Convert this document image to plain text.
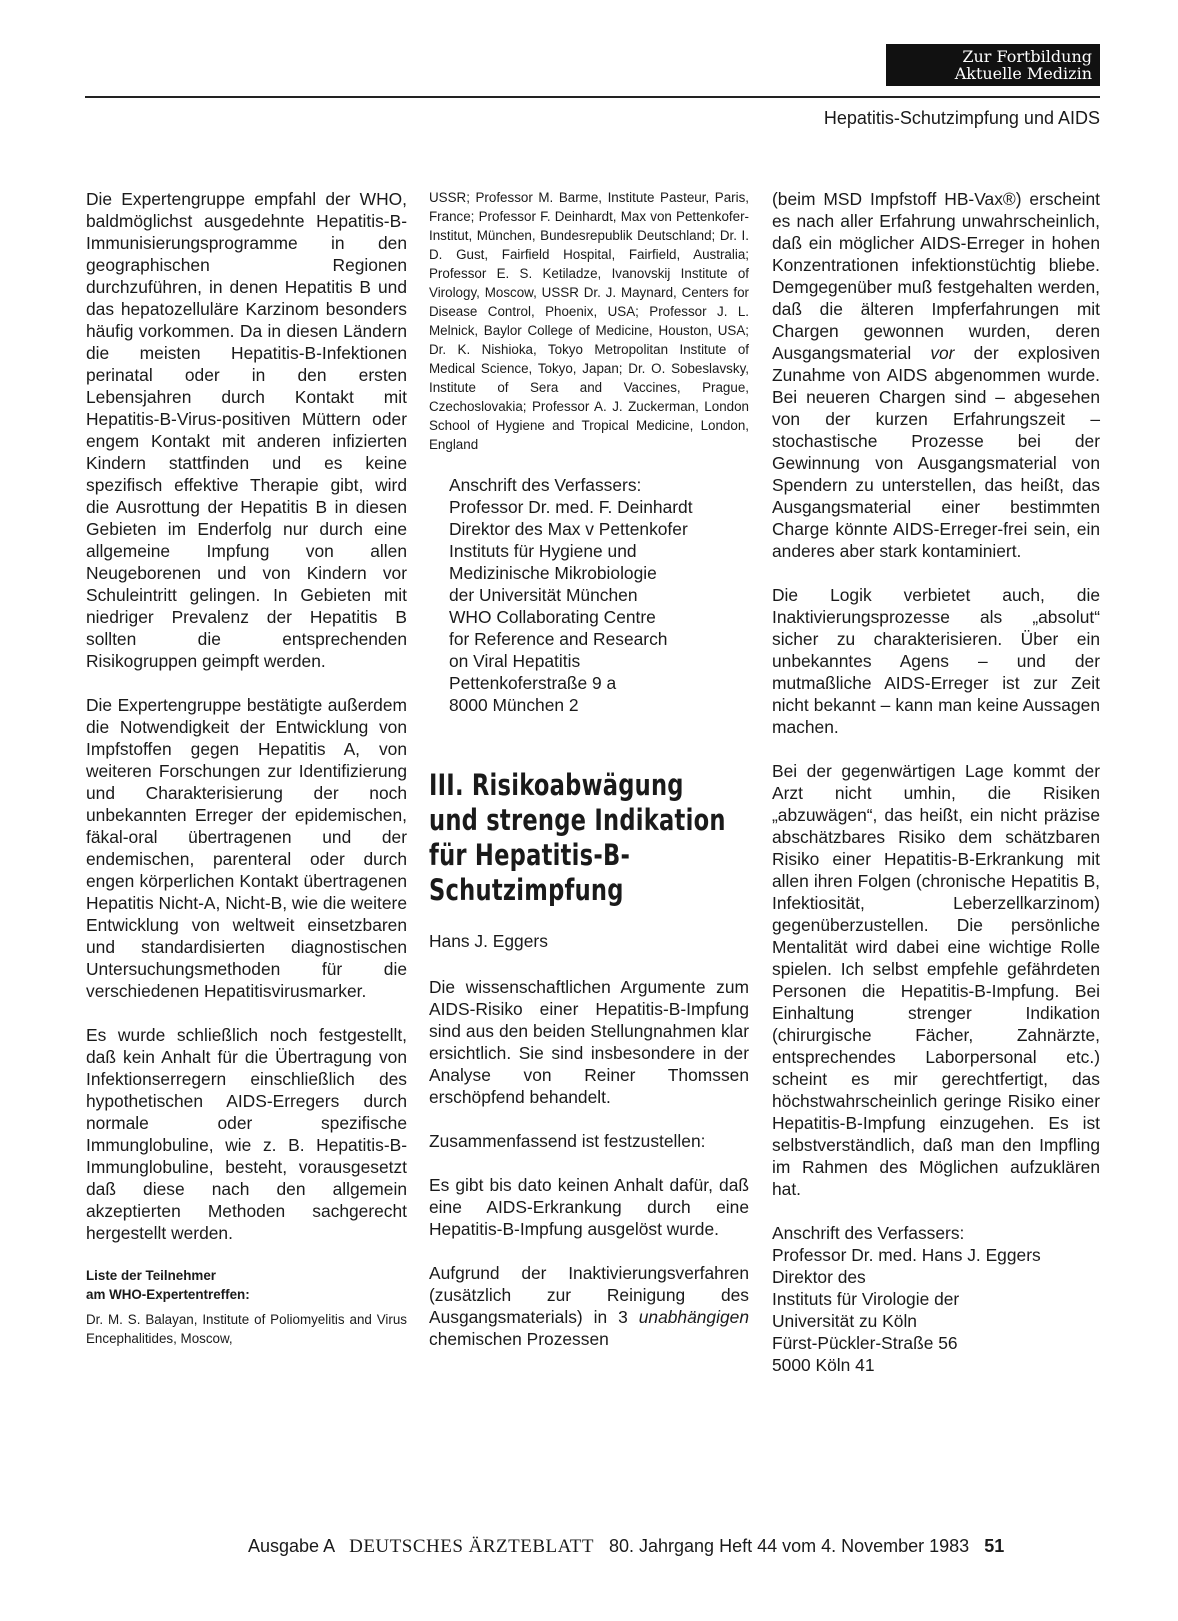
Zur Fortbildung
Aktuelle Medizin
Hepatitis-Schutzimpfung und AIDS

Die Expertengruppe empfahl der WHO, baldmöglichst ausgedehnte Hepatitis-B-Immunisierungsprogramme in den geographischen Regionen durchzuführen, in denen Hepatitis B und das hepatozelluläre Karzinom besonders häufig vorkommen. Da in diesen Ländern die meisten Hepatitis-B-Infektionen perinatal oder in den ersten Lebensjahren durch Kontakt mit Hepatitis-B-Virus-positiven Müttern oder engem Kontakt mit anderen infizierten Kindern stattfinden und es keine spezifisch effektive Therapie gibt, wird die Ausrottung der Hepatitis B in diesen Gebieten im Enderfolg nur durch eine allgemeine Impfung von allen Neugeborenen und von Kindern vor Schuleintritt gelingen. In Gebieten mit niedriger Prevalenz der Hepatitis B sollten die entsprechenden Risikogruppen geimpft werden.

Die Expertengruppe bestätigte außerdem die Notwendigkeit der Entwicklung von Impfstoffen gegen Hepatitis A, von weiteren Forschungen zur Identifizierung und Charakterisierung der noch unbekannten Erreger der epidemischen, fäkal-oral übertragenen und der endemischen, parenteral oder durch engen körperlichen Kontakt übertragenen Hepatitis Nicht-A, Nicht-B, wie die weitere Entwicklung von weltweit einsetzbaren und standardisierten diagnostischen Untersuchungsmethoden für die verschiedenen Hepatitisvirusmarker.

Es wurde schließlich noch festgestellt, daß kein Anhalt für die Übertragung von Infektionserregern einschließlich des hypothetischen AIDS-Erregers durch normale oder spezifische Immunglobuline, wie z. B. Hepatitis-B-Immunglobuline, besteht, vorausgesetzt daß diese nach den allgemein akzeptierten Methoden sachgerecht hergestellt werden.

Liste der Teilnehmer
am WHO-Expertentreffen:

Dr. M. S. Balayan, Institute of Poliomyelitis and Virus Encephalitides, Moscow,

USSR; Professor M. Barme, Institute Pasteur, Paris, France; Professor F. Deinhardt, Max von Pettenkofer-Institut, München, Bundesrepublik Deutschland; Dr. I. D. Gust, Fairfield Hospital, Fairfield, Australia; Professor E. S. Ketiladze, Ivanovskij Institute of Virology, Moscow, USSR Dr. J. Maynard, Centers for Disease Control, Phoenix, USA; Professor J. L. Melnick, Baylor College of Medicine, Houston, USA; Dr. K. Nishioka, Tokyo Metropolitan Institute of Medical Science, Tokyo, Japan; Dr. O. Sobeslavsky, Institute of Sera and Vaccines, Prague, Czechoslovakia; Professor A. J. Zuckerman, London School of Hygiene and Tropical Medicine, London, England

Anschrift des Verfassers:
Professor Dr. med. F. Deinhardt
Direktor des Max v Pettenkofer
Instituts für Hygiene und
Medizinische Mikrobiologie
der Universität München
WHO Collaborating Centre
for Reference and Research
on Viral Hepatitis
Pettenkoferstraße 9 a
8000 München 2
III. Risikoabwägung
und strenge Indikation
für Hepatitis-B-
Schutzimpfung
Hans J. Eggers

Die wissenschaftlichen Argumente zum AIDS-Risiko einer Hepatitis-B-Impfung sind aus den beiden Stellungnahmen klar ersichtlich. Sie sind insbesondere in der Analyse von Reiner Thomssen erschöpfend behandelt.

Zusammenfassend ist festzustellen:

Es gibt bis dato keinen Anhalt dafür, daß eine AIDS-Erkrankung durch eine Hepatitis-B-Impfung ausgelöst wurde.

Aufgrund der Inaktivierungsverfahren (zusätzlich zur Reinigung des Ausgangsmaterials) in 3 unabhängigen chemischen Prozessen

(beim MSD Impfstoff HB-Vax®) erscheint es nach aller Erfahrung unwahrscheinlich, daß ein möglicher AIDS-Erreger in hohen Konzentrationen infektionstüchtig bliebe. Demgegenüber muß festgehalten werden, daß die älteren Impferfahrungen mit Chargen gewonnen wurden, deren Ausgangsmaterial vor der explosiven Zunahme von AIDS abgenommen wurde. Bei neueren Chargen sind – abgesehen von der kurzen Erfahrungszeit – stochastische Prozesse bei der Gewinnung von Ausgangsmaterial von Spendern zu unterstellen, das heißt, das Ausgangsmaterial einer bestimmten Charge könnte AIDS-Erreger-frei sein, ein anderes aber stark kontaminiert.

Die Logik verbietet auch, die Inaktivierungsprozesse als „absolut“ sicher zu charakterisieren. Über ein unbekanntes Agens – und der mutmaßliche AIDS-Erreger ist zur Zeit nicht bekannt – kann man keine Aussagen machen.

Bei der gegenwärtigen Lage kommt der Arzt nicht umhin, die Risiken „abzuwägen“, das heißt, ein nicht präzise abschätzbares Risiko dem schätzbaren Risiko einer Hepatitis-B-Erkrankung mit allen ihren Folgen (chronische Hepatitis B, Infektiosität, Leberzellkarzinom) gegenüberzustellen. Die persönliche Mentalität wird dabei eine wichtige Rolle spielen. Ich selbst empfehle gefährdeten Personen die Hepatitis-B-Impfung. Bei Einhaltung strenger Indikation (chirurgische Fächer, Zahnärzte, entsprechendes Laborpersonal etc.) scheint es mir gerechtfertigt, das höchstwahrscheinlich geringe Risiko einer Hepatitis-B-Impfung einzugehen. Es ist selbstverständlich, daß man den Impfling im Rahmen des Möglichen aufzuklären hat.

Anschrift des Verfassers:
Professor Dr. med. Hans J. Eggers
Direktor des
Instituts für Virologie der
Universität zu Köln
Fürst-Pückler-Straße 56
5000 Köln 41
Ausgabe A DEUTSCHES ÄRZTEBLATT 80. Jahrgang Heft 44 vom 4. November 1983 51
